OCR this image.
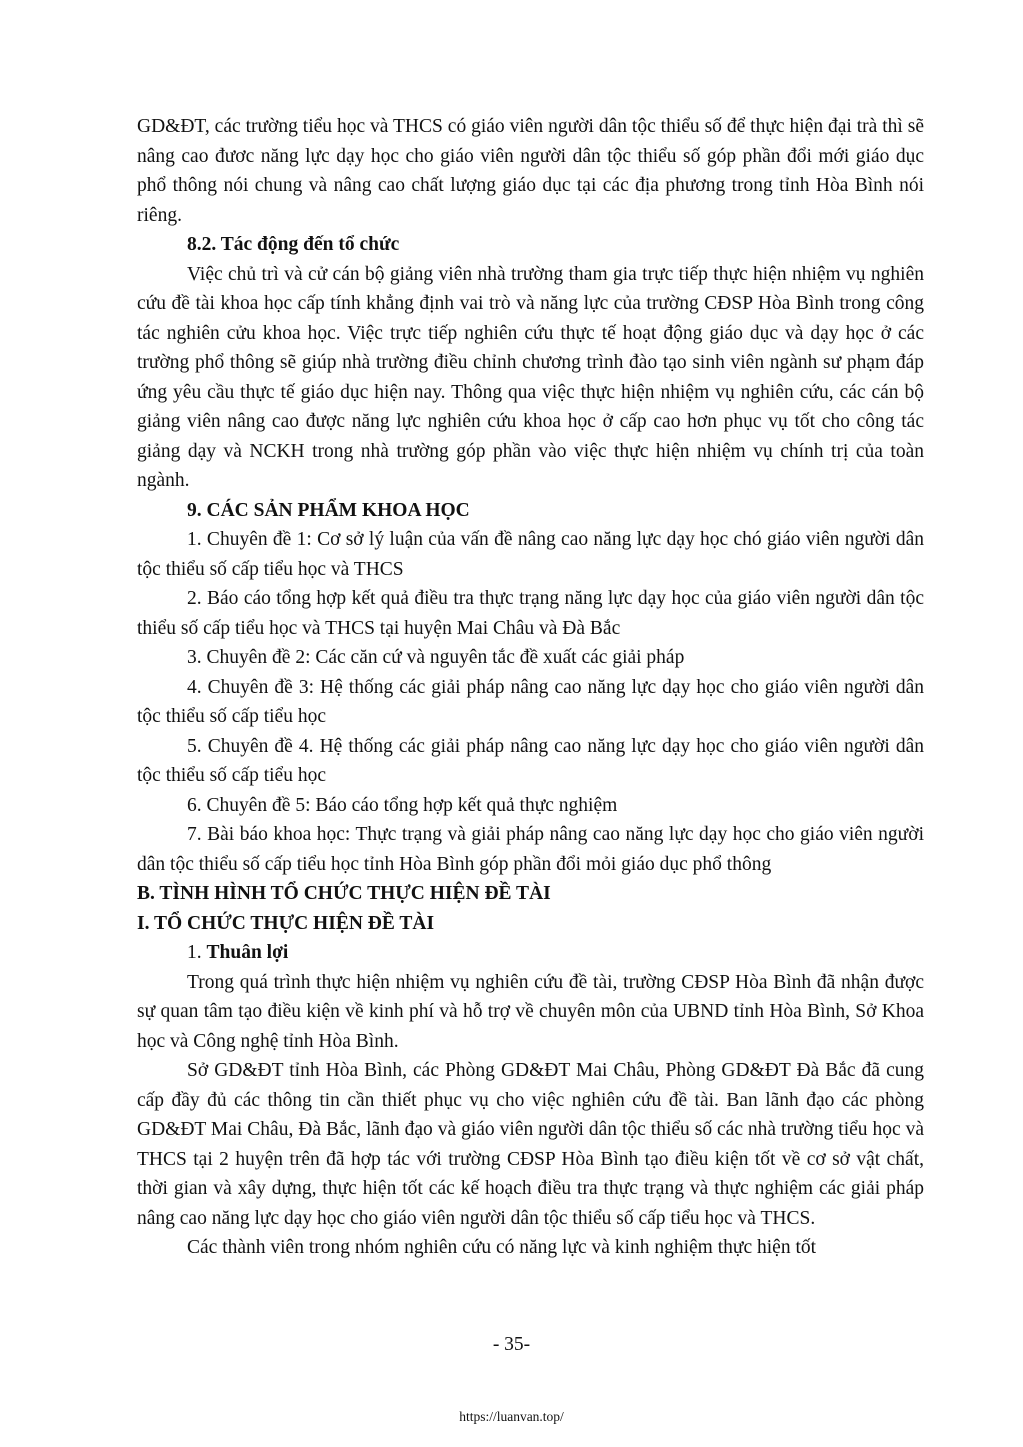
GD&ĐT, các trường tiểu học và THCS có giáo viên người dân tộc thiểu số để thực hiện đại trà thì sẽ nâng cao đươc năng lực dạy học cho giáo viên người dân tộc thiểu số góp phần đổi mới giáo dục phổ thông nói chung và nâng cao chất lượng giáo dục tại các địa phương trong tỉnh Hòa Bình nói riêng.

8.2. Tác động đến tổ chức

Việc chủ trì và cử cán bộ giảng viên nhà trường tham gia trực tiếp thực hiện nhiệm vụ nghiên cứu đề tài khoa học cấp tính khẳng định vai trò và năng lực của trường CĐSP Hòa Bình trong công tác nghiên cửu khoa học. Việc trực tiếp nghiên cứu thực tế hoạt động giáo dục và dạy học ở các trường phổ thông sẽ giúp nhà trường điều chỉnh chương trình đào tạo sinh viên ngành sư phạm đáp ứng yêu cầu thực tế giáo dục hiện nay. Thông qua việc thực hiện nhiệm vụ nghiên cứu, các cán bộ giảng viên nâng cao được năng lực nghiên cứu khoa học ở cấp cao hơn phục vụ tốt cho công tác giảng dạy và NCKH trong nhà trường góp phần vào việc thực hiện nhiệm vụ chính trị của toàn ngành.

9. CÁC SẢN PHẨM KHOA HỌC

1. Chuyên đề 1: Cơ sở lý luận của vấn đề nâng cao năng lực dạy học chó giáo viên người dân tộc thiểu số cấp tiểu học và THCS

2. Báo cáo tổng hợp kết quả điều tra thực trạng năng lực dạy học của giáo viên người dân tộc thiểu số cấp tiểu học và THCS tại huyện Mai Châu và Đà Bắc

3. Chuyên đề 2: Các căn cứ và nguyên tắc đề xuất các giải pháp

4. Chuyên đề 3: Hệ thống các giải pháp nâng cao năng lực dạy học cho giáo viên người dân tộc thiểu số cấp tiểu học

5. Chuyên đề 4. Hệ thống các giải pháp nâng cao năng lực dạy học cho giáo viên người dân tộc thiểu số cấp tiểu học

6. Chuyên đề 5: Báo cáo tổng hợp kết quả thực nghiệm

7. Bài báo khoa học: Thực trạng và giải pháp nâng cao năng lực dạy học cho giáo viên người dân tộc thiểu số cấp tiểu học tỉnh Hòa Bình góp phần đổi mỏi giáo dục phổ thông

B. TÌNH HÌNH TỔ CHỨC THỰC HIỆN ĐỀ TÀI

I. TỔ CHỨC THỰC HIỆN ĐỀ TÀI

1. Thuân lợi

Trong quá trình thực hiện nhiệm vụ nghiên cứu đề tài, trường CĐSP Hòa Bình đã nhận được sự quan tâm tạo điều kiện về kinh phí và hỗ trợ về chuyên môn của UBND tỉnh Hòa Bình, Sở Khoa học và Công nghệ tỉnh Hòa Bình.

Sở GD&ĐT tỉnh Hòa Bình, các Phòng GD&ĐT Mai Châu, Phòng GD&ĐT Đà Bắc đã cung cấp đầy đủ các thông tin cần thiết phục vụ cho việc nghiên cứu đề tài. Ban lãnh đạo các phòng GD&ĐT Mai Châu, Đà Bắc, lãnh đạo và giáo viên người dân tộc thiểu số các nhà trường tiểu học và THCS tại 2 huyện trên đã hợp tác với trường CĐSP Hòa Bình tạo điều kiện tốt về cơ sở vật chất, thời gian và xây dựng, thực hiện tốt các kế hoạch điều tra thực trạng và thực nghiệm các giải pháp nâng cao năng lực dạy học cho giáo viên người dân tộc thiểu số cấp tiểu học và THCS.

Các thành viên trong nhóm nghiên cứu có năng lực và kinh nghiệm thực hiện tốt

- 35-
https://luanvan.top/
